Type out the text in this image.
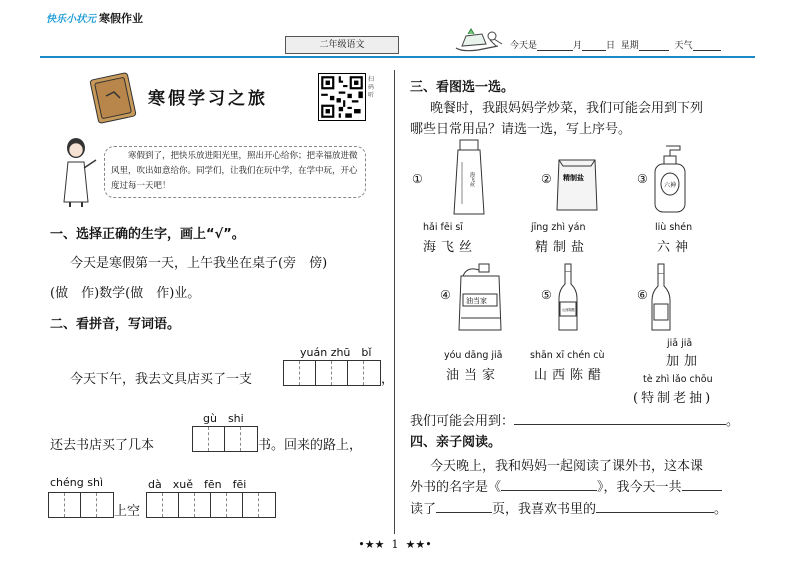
快乐小状元 寒假作业
二年级语文	今天是	月	日 星期	天气
寒假学习之旅
扫码听
寒假到了，把快乐放进阳光里，照出开心给你；把幸福放进微风里，吹出如意给你。同学们，让我们在玩中学，在学中玩，开心度过每一天吧！
一、选择正确的生字，画上“√”。
今天是寒假第一天，上午我坐在桌子(旁　傍)
(做　作)数学(做　作)业。
二、看拼音，写词语。
yuán zhū　bǐ
今天下午，我去文具店买了一支	，
gù　shi
还去书店买了几本	书。回来的路上，
chéng shì
上空
dà　xuě　fēn　fēi
三、看图选一选。
晚餐时，我跟妈妈学炒菜，我们可能会用到下列
哪些日常用品？请选一选，写上序号。
①	海飞丝
hǎi fēi sī
海飞丝
② 精制盐
jīng zhì yán
精制盐
③	六神
liù shén
六神
④ 油当家
yóu dāng jiā
油当家
⑤
山西陈醋
shān xī chén cù
山西陈醋
⑥
jiā jiā
加加
tè zhì lǎo chōu
(特制老抽)
我们可能会用到：	。
四、亲子阅读。
今天晚上，我和妈妈一起阅读了课外书，这本课
外书的名字是《	》，我今天一共
读了	页，我喜欢书里的	。
•★★ 1 ★★•
